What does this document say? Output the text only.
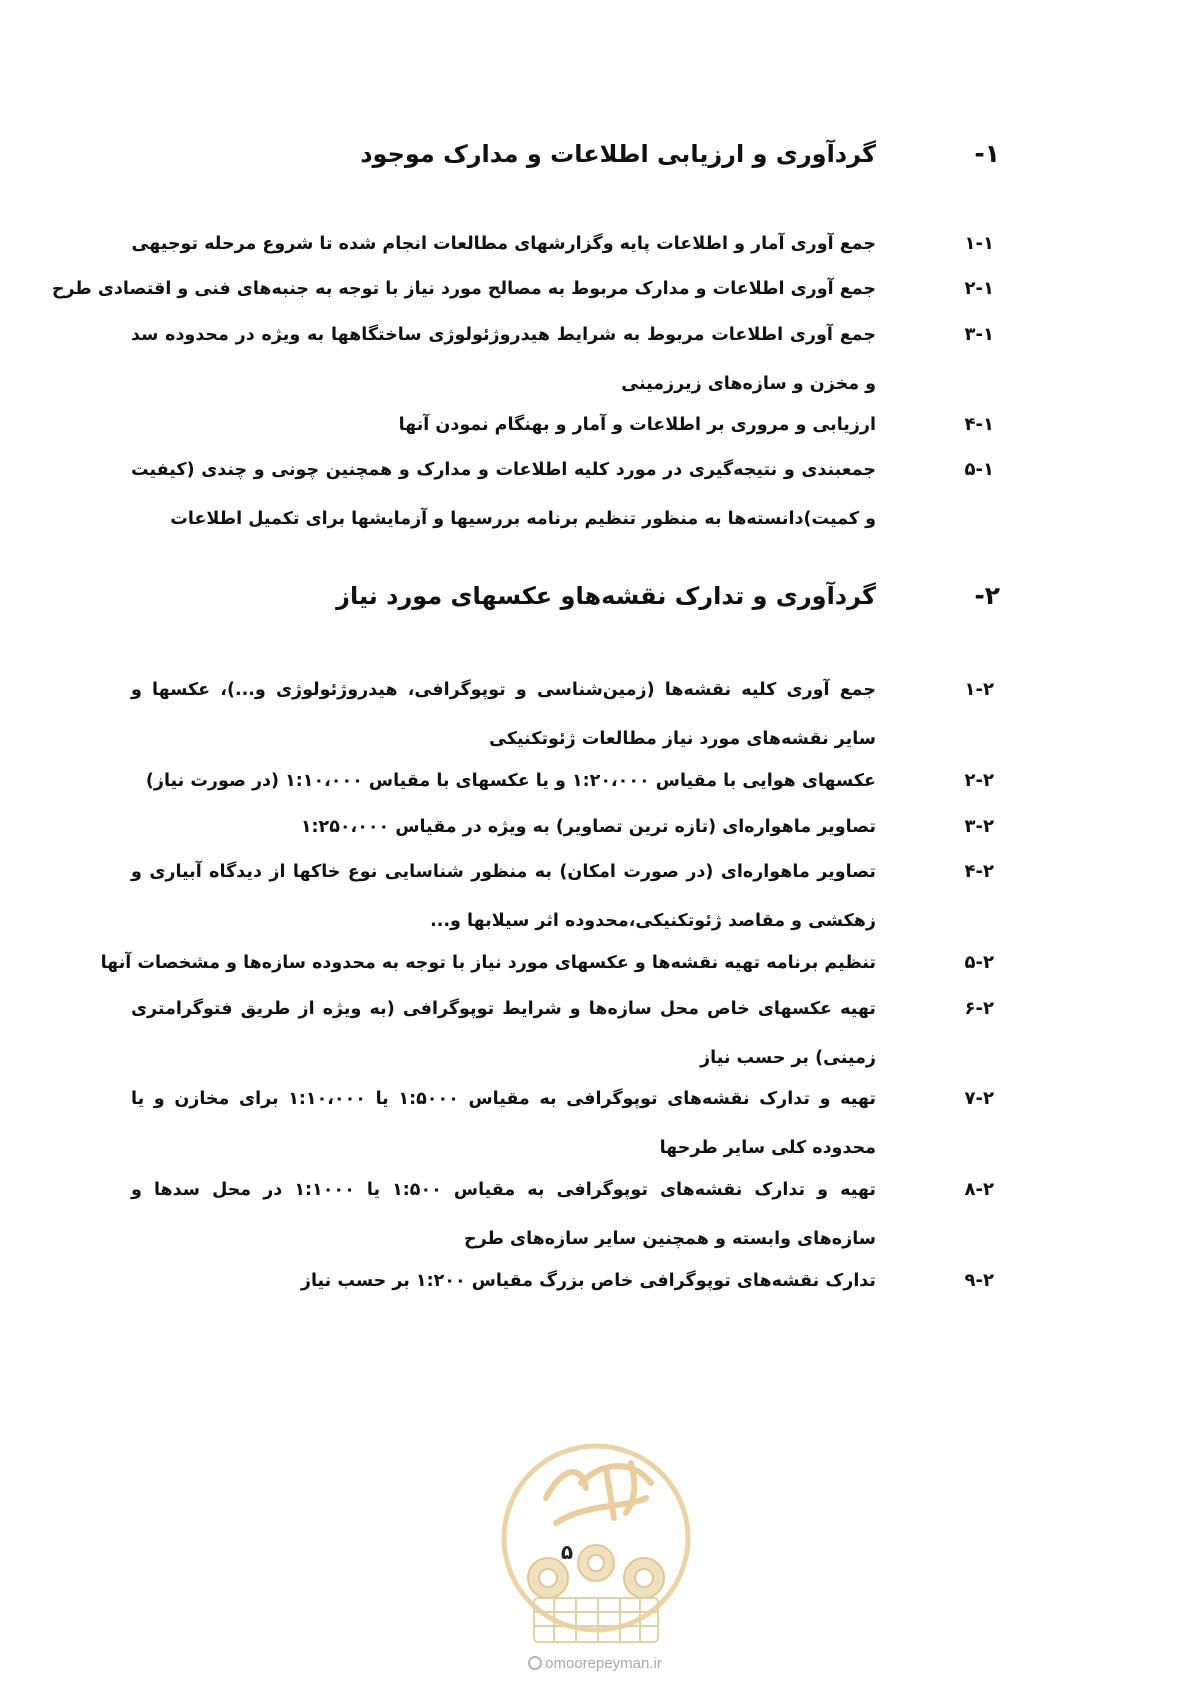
۱-
گردآوری و ارزیابی اطلاعات و مدارک موجود
۱-۱
جمع آوری آمار و اطلاعات پایه وگزارشهای مطالعات انجام شده تا شروع مرحله توجیهی
۲-۱
جمع آوری اطلاعات و مدارک مربوط به مصالح مورد نیاز با توجه به جنبه‌های فنی و اقتصادی طرح
۳-۱
جمع آوری اطلاعات مربوط به شرایط هیدروژئولوژی ساختگاهها به ویژه در محدوده سد و مخزن و سازه‌های زیرزمینی
۴-۱
ارزیابی و مروری بر اطلاعات و آمار و بهنگام نمودن آنها
۵-۱
جمعبندی و نتیجه‌گیری در مورد کلیه اطلاعات و مدارک و همچنین چونی و چندی (کیفیت و کمیت)دانسته‌ها به منظور تنظیم برنامه بررسیها و آزمایشها برای تکمیل اطلاعات
۲-
گردآوری و تدارک نقشه‌هاو عکسهای مورد نیاز
۱-۲
جمع آوری کلیه نقشه‌ها (زمین‌شناسی و توپوگرافی، هیدروژئولوژی و...)، عکسها و سایر نقشه‌های مورد نیاز مطالعات ژئوتکنیکی
۲-۲
عکسهای هوایی با مقیاس ۱:۲۰،۰۰۰ و یا عکسهای با مقیاس ۱:۱۰،۰۰۰ (در صورت نیاز)
۳-۲
تصاویر ماهواره‌ای (تازه ترین تصاویر) به ویژه در مقیاس ۱:۲۵۰،۰۰۰
۴-۲
تصاویر ماهواره‌ای (در صورت امکان) به منظور شناسایی نوع خاکها از دیدگاه آبیاری و زهکشی و مقاصد ژئوتکنیکی،محدوده اثر سیلابها و...
۵-۲
تنظیم برنامه تهیه نقشه‌ها و عکسهای مورد نیاز با توجه به محدوده سازه‌ها و مشخصات آنها
۶-۲
تهیه عکسهای خاص محل سازه‌ها و شرایط توپوگرافی (به ویژه از طریق فتوگرامتری زمینی) بر حسب نیاز
۷-۲
تهیه و تدارک نقشه‌های توپوگرافی به مقیاس ۱:۵۰۰۰ یا ۱:۱۰،۰۰۰ برای مخازن و یا محدوده کلی سایر طرحها
۸-۲
تهیه و تدارک نقشه‌های توپوگرافی به مقیاس ۱:۵۰۰ یا ۱:۱۰۰۰ در محل سدها و سازه‌های وابسته و همچنین سایر سازه‌های طرح
۹-۲
تدارک نقشه‌های توپوگرافی خاص بزرگ مقیاس ۱:۲۰۰ بر حسب نیاز
۵
omoorepeyman.ir
